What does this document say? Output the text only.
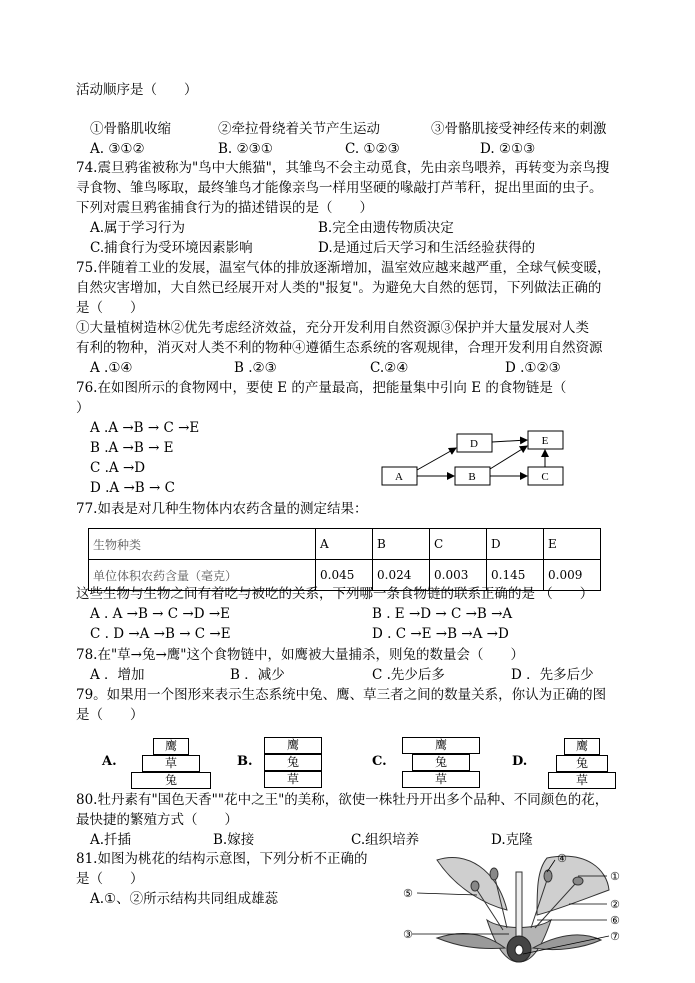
活动顺序是（　　）
①骨骼肌收缩	②牵拉骨绕着关节产生运动	③骨骼肌接受神经传来的刺激
A. ③①②	B. ②③①	C. ①②③	D. ②①③
74.震旦鸦雀被称为"鸟中大熊猫"，其雏鸟不会主动觅食，先由亲鸟喂养，再转变为亲鸟搜
寻食物、雏鸟啄取，最终雏鸟才能像亲鸟一样用坚硬的喙敲打芦苇秆，捉出里面的虫子。
下列对震旦鸦雀捕食行为的描述错误的是（　　）
A.属于学习行为	B.完全由遗传物质决定
C.捕食行为受环境因素影响	D.是通过后天学习和生活经验获得的
75.伴随着工业的发展，温室气体的排放逐渐增加，温室效应越来越严重，全球气候变暖，
自然灾害增加，大自然已经展开对人类的"报复"。为避免大自然的惩罚，下列做法正确的
是（　　）
①大量植树造林②优先考虑经济效益，充分开发利用自然资源③保护并大量发展对人类
有利的物种，消灭对人类不利的物种④遵循生态系统的客观规律，合理开发利用自然资源
A .①④	B .②③	C.②④	D .①②③
76.在如图所示的食物网中，要使 E 的产量最高，把能量集中引向 E 的食物链是（
）
A .A →B → C →E
B .A →B → E
C .A →D
D .A →B → C
A
D
B
E
C
77.如表是对几种生物体内农药含量的测定结果：
生物种类	A	B	C	D	E
单位体积农药含量（毫克）	0.045	0.024	0.003	0.145	0.009
这些生物与生物之间有着吃与被吃的关系，下列哪一条食物链的联系正确的是 （　　）
A . A →B → C →D →E	B . E →D → C →B →A
C . D →A →B → C →E	D . C →E →B →A →D
78.在"草→兔→鹰"这个食物链中，如鹰被大量捕杀，则兔的数量会（　　）
A ．增加	B ．减少	C .先少后多	D ．先多后少
79。如果用一个图形来表示生态系统中兔、鹰、草三者之间的数量关系，你认为正确的图
是（　　）
A.
鹰
草
兔
B.
鹰
兔
草
C.
鹰
兔
草
D.
鹰
兔
草
80.牡丹素有"国色天香""花中之王"的美称，欲使一株牡丹开出多个品种、不同颜色的花，
最快捷的繁殖方式（　　）
A.扦插	B.嫁接	C.组织培养	D.克隆
81.如图为桃花的结构示意图，下列分析不正确的
是（　　）
A.①、②所示结构共同组成雄蕊
①
②
③
④
⑤
⑥
⑦
